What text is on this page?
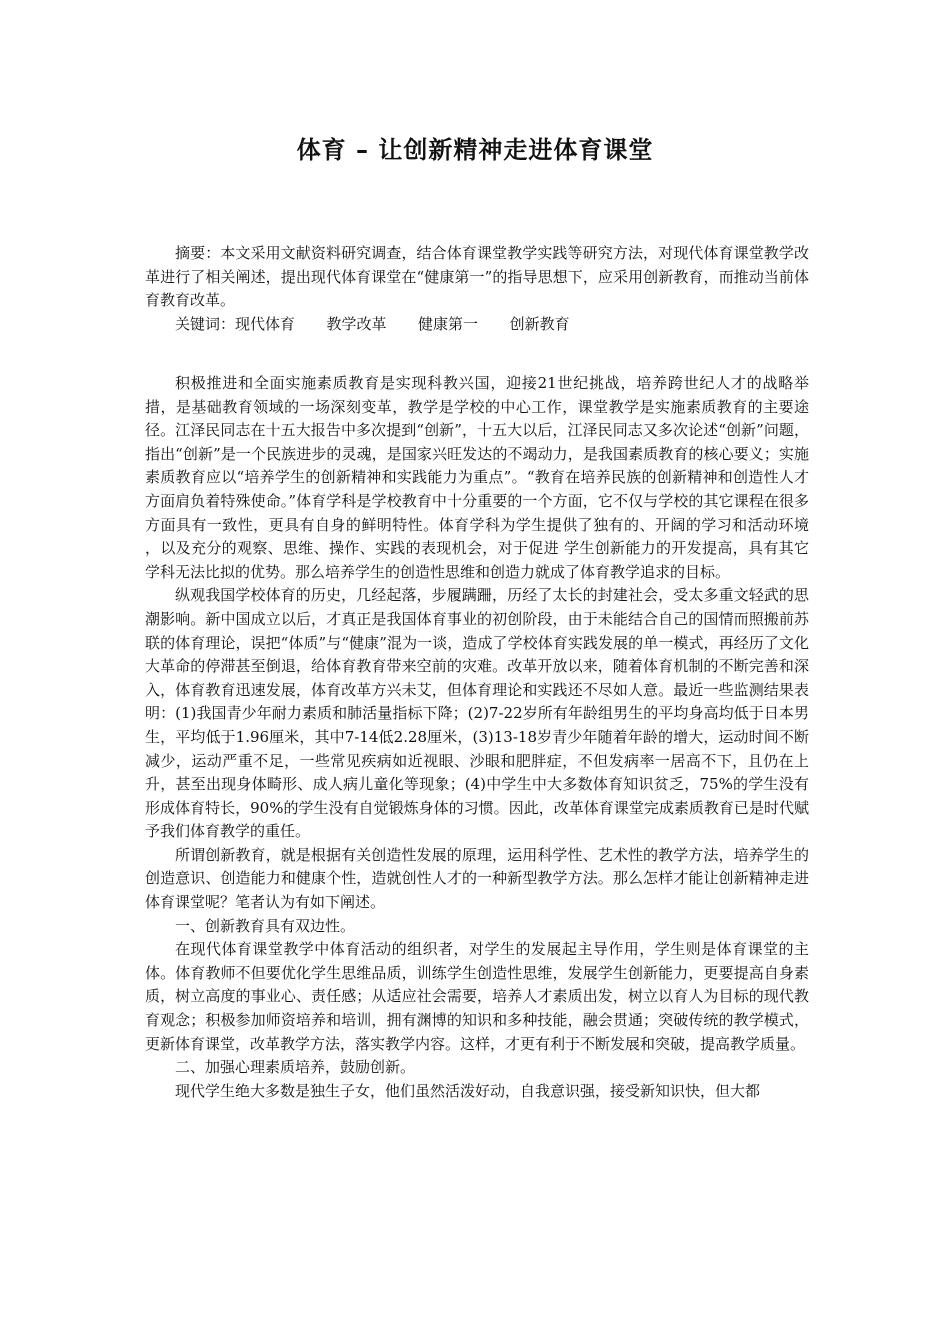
体育 – 让创新精神走进体育课堂

摘要：本文采用文献资料研究调查，结合体育课堂教学实践等研究方法，对现代体育课堂教学改革进行了相关阐述，提出现代体育课堂在“健康第一”的指导思想下，应采用创新教育，而推动当前体育教育改革。

关键词：现代体育 教学改革 健康第一 创新教育

积极推进和全面实施素质教育是实现科教兴国，迎接21世纪挑战，培养跨世纪人才的战略举措，是基础教育领域的一场深刻变革，教学是学校的中心工作，课堂教学是实施素质教育的主要途径。江泽民同志在十五大报告中多次提到“创新”，十五大以后，江泽民同志又多次论述“创新”问题，指出“创新”是一个民族进步的灵魂，是国家兴旺发达的不竭动力，是我国素质教育的核心要义；实施素质教育应以“培养学生的创新精神和实践能力为重点”。“教育在培养民族的创新精神和创造性人才方面肩负着特殊使命。”体育学科是学校教育中十分重要的一个方面，它不仅与学校的其它课程在很多方面具有一致性，更具有自身的鲜明特性。体育学科为学生提供了独有的、开阔的学习和活动环境 ，以及充分的观察、思维、操作、实践的表现机会，对于促进 学生创新能力的开发提高，具有其它学科无法比拟的优势。那么培养学生的创造性思维和创造力就成了体育教学追求的目标。

纵观我国学校体育的历史，几经起落，步履蹒跚，历经了太长的封建社会，受太多重文轻武的思潮影响。新中国成立以后，才真正是我国体育事业的初创阶段，由于未能结合自己的国情而照搬前苏联的体育理论，误把“体质”与“健康”混为一谈，造成了学校体育实践发展的单一模式，再经历了文化大革命的停滞甚至倒退，给体育教育带来空前的灾难。改革开放以来，随着体育机制的不断完善和深入，体育教育迅速发展，体育改革方兴未艾，但体育理论和实践还不尽如人意。最近一些监测结果表明：(1)我国青少年耐力素质和肺活量指标下降；(2)7-22岁所有年龄组男生的平均身高均低于日本男生，平均低于1.96厘米，其中7-14低2.28厘米，(3)13-18岁青少年随着年龄的增大，运动时间不断减少，运动严重不足，一些常见疾病如近视眼、沙眼和肥胖症，不但发病率一居高不下，且仍在上升，甚至出现身体畸形、成人病儿童化等现象；(4)中学生中大多数体育知识贫乏，75%的学生没有形成体育特长，90%的学生没有自觉锻炼身体的习惯。因此，改革体育课堂完成素质教育已是时代赋予我们体育教学的重任。

所谓创新教育，就是根据有关创造性发展的原理，运用科学性、艺术性的教学方法，培养学生的创造意识、创造能力和健康个性，造就创性人才的一种新型教学方法。那么怎样才能让创新精神走进体育课堂呢？笔者认为有如下阐述。

一、创新教育具有双边性。

在现代体育课堂教学中体育活动的组织者，对学生的发展起主导作用，学生则是体育课堂的主体。体育教师不但要优化学生思维品质，训练学生创造性思维，发展学生创新能力，更要提高自身素质，树立高度的事业心、责任感；从适应社会需要，培养人才素质出发，树立以育人为目标的现代教育观念；积极参加师资培养和培训，拥有渊博的知识和多种技能，融会贯通；突破传统的教学模式，更新体育课堂，改革教学方法，落实教学内容。这样，才更有利于不断发展和突破，提高教学质量。

二、加强心理素质培养，鼓励创新。

现代学生绝大多数是独生子女，他们虽然活泼好动，自我意识强，接受新知识快，但大都
